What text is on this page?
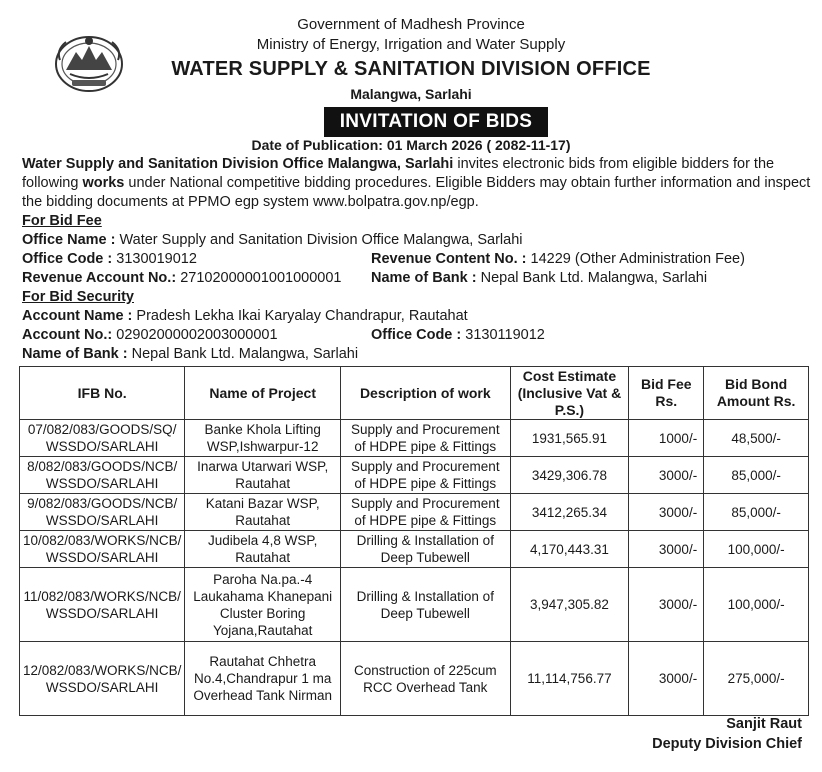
Government of Madhesh Province
Ministry of Energy, Irrigation and Water Supply
WATER SUPPLY & SANITATION DIVISION OFFICE
Malangwa, Sarlahi
INVITATION OF BIDS
Date of Publication: 01 March 2026 ( 2082-11-17)
Water Supply and Sanitation Division Office Malangwa, Sarlahi invites electronic bids from eligible bidders for the following works under National competitive bidding procedures. Eligible Bidders may obtain further information and inspect the bidding documents at PPMO egp system www.bolpatra.gov.np/egp.
For Bid Fee
Office Name : Water Supply and Sanitation Division Office Malangwa, Sarlahi
Office Code : 3130019012	Revenue Content No. : 14229 (Other Administration Fee)
Revenue Account No.: 27102000001001000001 Name of Bank : Nepal Bank Ltd. Malangwa, Sarlahi
For Bid Security
Account Name : Pradesh Lekha Ikai Karyalay Chandrapur, Rautahat
Account No.: 02902000002003000001	Office Code : 3130119012
Name of Bank : Nepal Bank Ltd. Malangwa, Sarlahi
IFB No.	Name of Project	Description of work	Cost Estimate (Inclusive Vat & P.S.)	Bid Fee Rs.	Bid Bond Amount Rs.
07/082/083/GOODS/SQ/ WSSDO/SARLAHI	Banke Khola Lifting WSP,Ishwarpur-12	Supply and Procurement of HDPE pipe & Fittings	1931,565.91	1000/-	48,500/-
8/082/083/GOODS/NCB/ WSSDO/SARLAHI	Inarwa Utarwari WSP, Rautahat	Supply and Procurement of HDPE pipe & Fittings	3429,306.78	3000/-	85,000/-
9/082/083/GOODS/NCB/ WSSDO/SARLAHI	Katani Bazar WSP, Rautahat	Supply and Procurement of HDPE pipe & Fittings	3412,265.34	3000/-	85,000/-
10/082/083/WORKS/NCB/ WSSDO/SARLAHI	Judibela 4,8 WSP, Rautahat	Drilling & Installation of Deep Tubewell	4,170,443.31	3000/-	100,000/-
11/082/083/WORKS/NCB/ WSSDO/SARLAHI	Paroha Na.pa.-4 Laukahama Khanepani Cluster Boring Yojana,Rautahat	Drilling & Installation of Deep Tubewell	3,947,305.82	3000/-	100,000/-
12/082/083/WORKS/NCB/ WSSDO/SARLAHI	Rautahat Chhetra No.4,Chandrapur 1 ma Overhead Tank Nirman	Construction of 225cum RCC Overhead Tank	11,114,756.77	3000/-	275,000/-
Sanjit Raut
Deputy Division Chief
